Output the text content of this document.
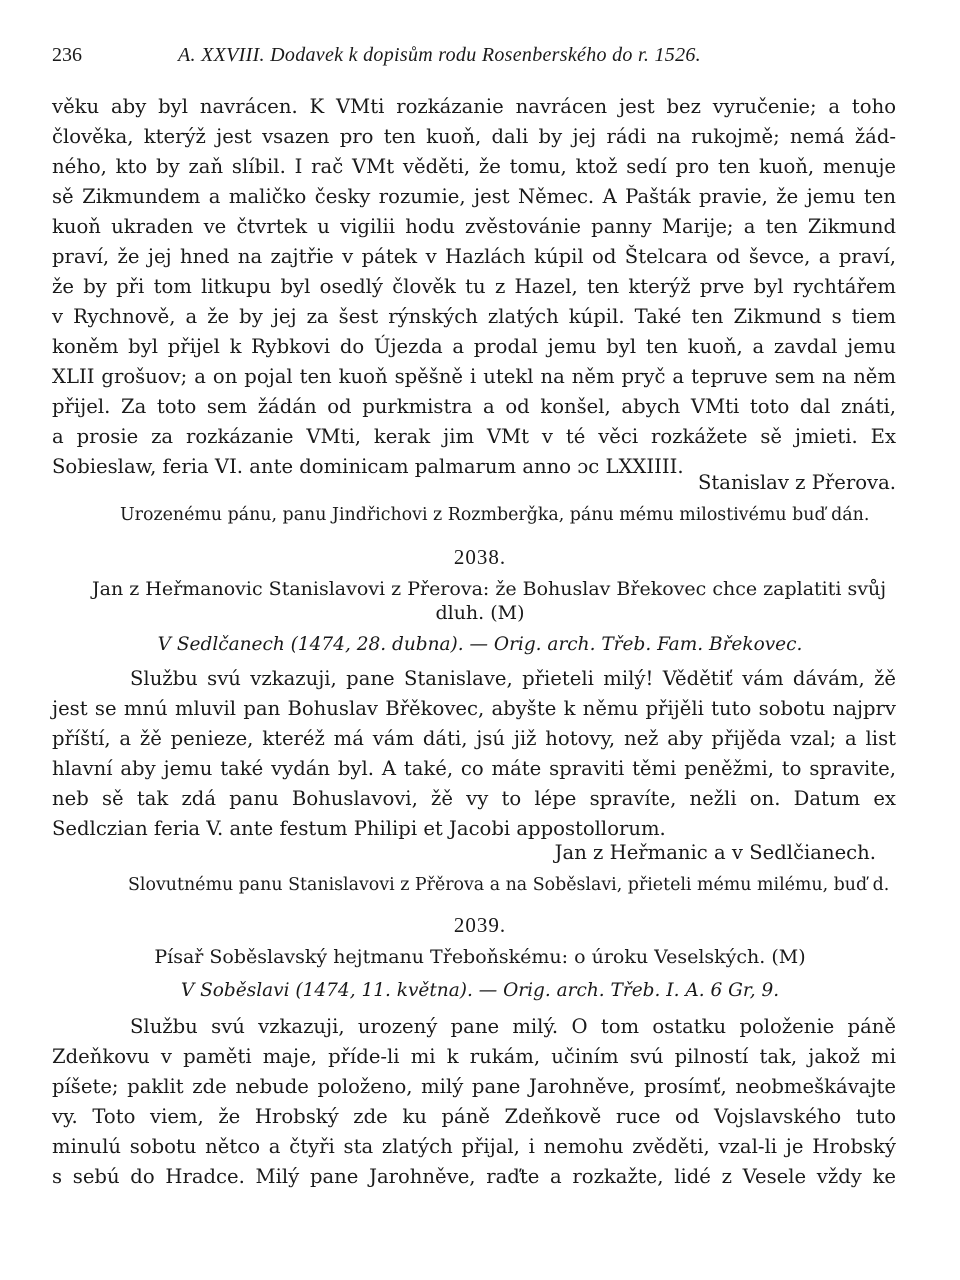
236	A. XXVIII. Dodavek k dopisům rodu Rosenberského do r. 1526.
věku aby byl navrácen. K VMti rozkázanie navrácen jest bez vyručenie; a toho
člověka, kterýž jest vsazen pro ten kuoň, dali by jej rádi na rukojmě; nemá žád-
ného, kto by zaň slíbil. I rač VMt věděti, že tomu, ktož sedí pro ten kuoň, menuje
sě Zikmundem a maličko česky rozumie, jest Němec. A Pašták pravie, že jemu ten
kuoň ukraden ve čtvrtek u vigilii hodu zvěstovánie panny Marije; a ten Zikmund
praví, že jej hned na zajtřie v pátek v Hazlách kúpil od Štelcara od ševce, a praví,
že by při tom litkupu byl osedlý člověk tu z Hazel, ten kterýž prve byl rychtářem
v Rychnově, a že by jej za šest rýnských zlatých kúpil. Také ten Zikmund s tiem
koněm byl přijel k Rybkovi do Újezda a prodal jemu byl ten kuoň, a zavdal jemu
XLII grošuov; a on pojal ten kuoň spěšně i utekl na něm pryč a tepruve sem na něm
přijel. Za toto sem žádán od purkmistra a od konšel, abych VMti toto dal znáti,
a prosie za rozkázanie VMti, kerak jim VMt v té věci rozkážete sě jmieti. Ex
Sobieslaw, feria VI. ante dominicam palmarum anno ɔc LXXIIII.
Stanislav z Přerova.
Urozenému pánu, panu Jindřichovi z Rozmberǧka, pánu mému milostivému buď dán.
2038.
Jan z Heřmanovic Stanislavovi z Přerova: že Bohuslav Břekovec chce zaplatiti svůj
dluh. (M)
V Sedlčanech (1474, 28. dubna). — Orig. arch. Třeb. Fam. Břekovec.
Službu svú vzkazuji, pane Stanislave, přieteli milý! Vědětiť vám dávám, žě
jest se mnú mluvil pan Bohuslav Břěkovec, abyšte k němu přijěli tuto sobotu najprv
příští, a žě penieze, kteréž má vám dáti, jsú již hotovy, než aby přijěda vzal; a list
hlavní aby jemu také vydán byl. A také, co máte spraviti těmi peněžmi, to spravite,
neb sě tak zdá panu Bohuslavovi, žě vy to lépe spravíte, nežli on. Datum ex
Sedlczian feria V. ante festum Philipi et Jacobi appostollorum.
Jan z Heřmanic a v Sedlčianech.
Slovutnému panu Stanislavovi z Přěrova a na Soběslavi, přieteli mému milému, buď d.
2039.
Písař Soběslavský hejtmanu Třeboňskému: o úroku Veselských. (M)
V Soběslavi (1474, 11. května). — Orig. arch. Třeb. I. A. 6 Gr, 9.
Službu svú vzkazuji, urozený pane milý. O tom ostatku položenie páně
Zdeňkovu v paměti maje, příde-li mi k rukám, učiním svú pilností tak, jakož mi
píšete; paklit zde nebude položeno, milý pane Jarohněve, prosímť, neobmeškávajte
vy. Toto viem, že Hrobský zde ku páně Zdeňkově ruce od Vojslavského tuto
minulú sobotu nětco a čtyři sta zlatých přijal, i nemohu zvěděti, vzal-li je Hrobský
s sebú do Hradce. Milý pane Jarohněve, raďte a rozkažte, lidé z Vesele vždy ke
